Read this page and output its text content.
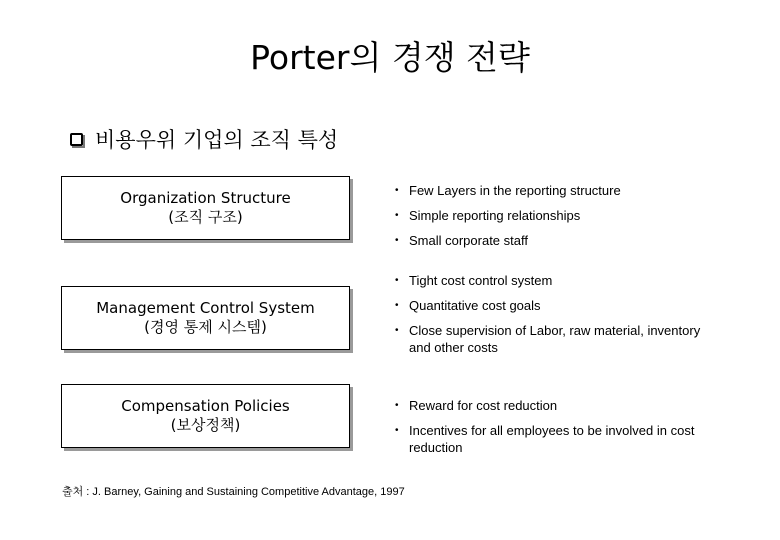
Porter의 경쟁 전략
비용우위 기업의 조직 특성
Organization Structure
(조직 구조)
Management Control System
(경영 통제 시스템)
Compensation Policies
(보상정책)
• Few Layers in the reporting structure
• Simple reporting relationships
• Small corporate staff
• Tight cost control system
• Quantitative cost goals
• Close supervision of Labor, raw material, inventory and other costs
• Reward for cost reduction
• Incentives for all employees to be involved in cost reduction
출처 : J. Barney, Gaining and Sustaining Competitive Advantage, 1997
